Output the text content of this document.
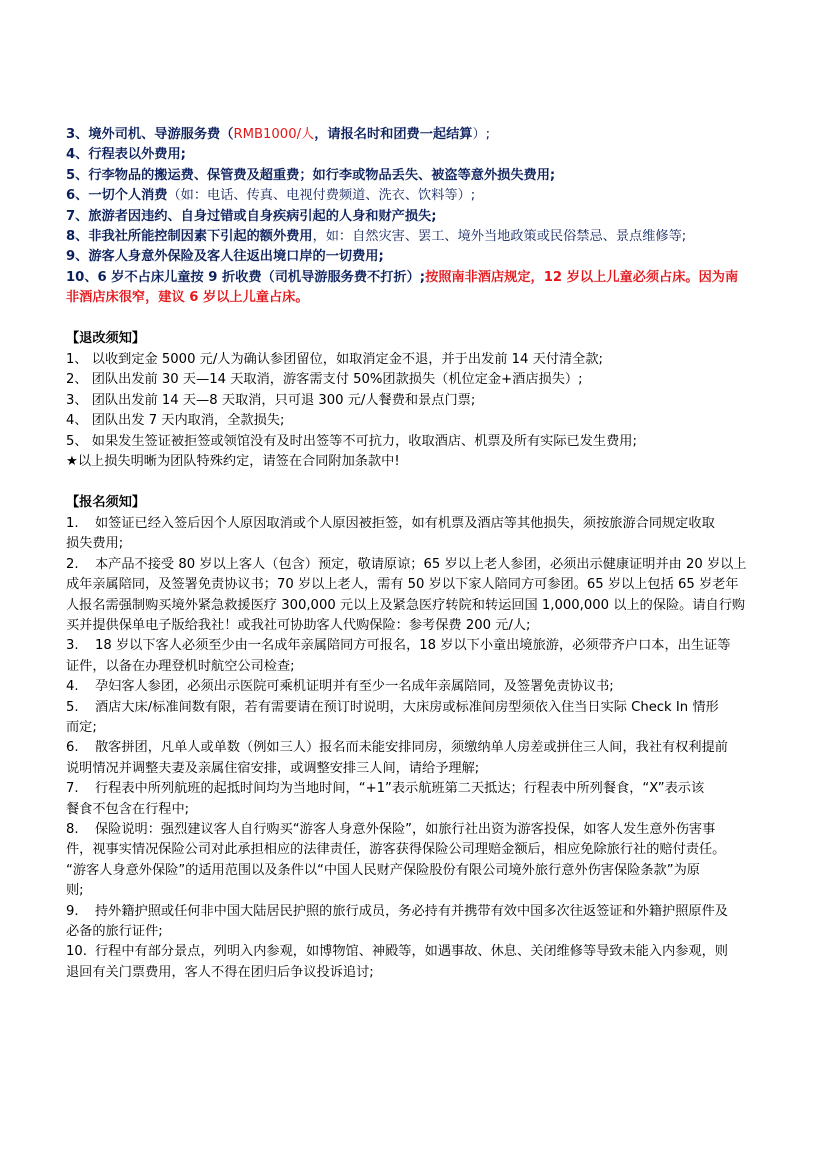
3、境外司机、导游服务费（RMB1000/人，请报名时和团费一起结算）;
4、行程表以外费用;
5、行李物品的搬运费、保管费及超重费；如行李或物品丢失、被盗等意外损失费用;
6、一切个人消费（如：电话、传真、电视付费频道、洗衣、饮料等）;
7、旅游者因违约、自身过错或自身疾病引起的人身和财产损失;
8、非我社所能控制因素下引起的额外费用，如：自然灾害、罢工、境外当地政策或民俗禁忌、景点维修等;
9、游客人身意外保险及客人往返出境口岸的一切费用;
10、6 岁不占床儿童按 9 折收费（司机导游服务费不打折）;按照南非酒店规定，12 岁以上儿童必须占床。因为南
非酒店床很窄，建议 6 岁以上儿童占床。
【退改须知】
1、 以收到定金 5000 元/人为确认参团留位，如取消定金不退，并于出发前 14 天付清全款;
2、 团队出发前 30 天—14 天取消，游客需支付 50%团款损失（机位定金+酒店损失）;
3、 团队出发前 14 天—8 天取消，只可退 300 元/人餐费和景点门票;
4、 团队出发 7 天内取消，全款损失;
5、 如果发生签证被拒签或领馆没有及时出签等不可抗力，收取酒店、机票及所有实际已发生费用;
★以上损失明晰为团队特殊约定，请签在合同附加条款中!
【报名须知】
1. 如签证已经入签后因个人原因取消或个人原因被拒签，如有机票及酒店等其他损失，须按旅游合同规定收取
损失费用;
2. 本产品不接受 80 岁以上客人（包含）预定，敬请原谅；65 岁以上老人参团，必须出示健康证明并由 20 岁以上
成年亲属陪同，及签署免责协议书；70 岁以上老人，需有 50 岁以下家人陪同方可参团。65 岁以上包括 65 岁老年
人报名需强制购买境外紧急救援医疗 300,000 元以上及紧急医疗转院和转运回国 1,000,000 以上的保险。请自行购
买并提供保单电子版给我社！或我社可协助客人代购保险：参考保费 200 元/人;
3. 18 岁以下客人必须至少由一名成年亲属陪同方可报名，18 岁以下小童出境旅游，必须带齐户口本，出生证等
证件，以备在办理登机时航空公司检查;
4. 孕妇客人参团，必须出示医院可乘机证明并有至少一名成年亲属陪同，及签署免责协议书;
5. 酒店大床/标准间数有限，若有需要请在预订时说明，大床房或标准间房型须依入住当日实际 Check In 情形
而定;
6. 散客拼团，凡单人或单数（例如三人）报名而未能安排同房，须缴纳单人房差或拼住三人间，我社有权利提前
说明情况并调整夫妻及亲属住宿安排，或调整安排三人间，请给予理解;
7. 行程表中所列航班的起抵时间均为当地时间，“+1”表示航班第二天抵达；行程表中所列餐食，“X”表示该
餐食不包含在行程中;
8. 保险说明：强烈建议客人自行购买“游客人身意外保险”，如旅行社出资为游客投保，如客人发生意外伤害事
件，视事实情况保险公司对此承担相应的法律责任，游客获得保险公司理赔金额后，相应免除旅行社的赔付责任。
“游客人身意外保险”的适用范围以及条件以“中国人民财产保险股份有限公司境外旅行意外伤害保险条款”为原
则;
9. 持外籍护照或任何非中国大陆居民护照的旅行成员，务必持有并携带有效中国多次往返签证和外籍护照原件及
必备的旅行证件;
10. 行程中有部分景点，列明入内参观，如博物馆、神殿等，如遇事故、休息、关闭维修等导致未能入内参观，则
退回有关门票费用，客人不得在团归后争议投诉追讨;
